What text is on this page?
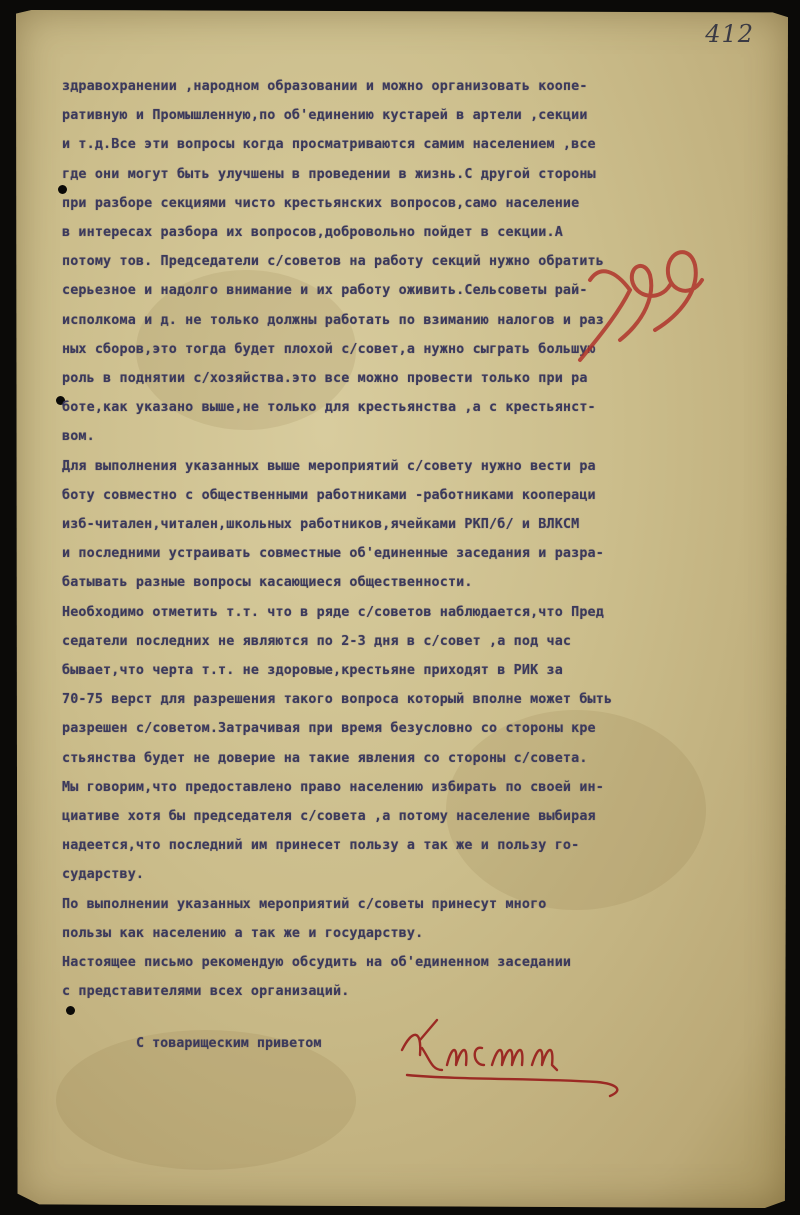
412
здравохранении ,народном образовании и можно организовать коопе-
ративную и Промышленную,по об'единению кустарей в артели ,секции
и т.д.Все эти вопросы когда просматриваются самим населением ,все
где они могут быть улучшены в проведении в жизнь.С другой стороны
при разборе секциями чисто крестьянских вопросов,само население
в интересах разбора их вопросов,добровольно пойдет в секции.А
потому тов. Председатели с/советов на работу секций нужно обратить
серьезное и надолго внимание и их работу оживить.Сельсоветы рай-
исполкома и д. не только должны работать по взиманию налогов и раз
ных сборов,это тогда будет плохой с/совет,а нужно сыграть большую
роль в поднятии с/хозяйства.это все можно провести только при ра
боте,как указано выше,не только для крестьянства ,а с крестьянст-
вом.
Для выполнения указанных выше мероприятий с/совету нужно вести ра
боту совместно с общественными работниками -работниками коопераци
изб-читален,читален,школьных работников,ячейками РКП/б/ и ВЛКСМ
и последними устраивать совместные об'единенные заседания и разра-
батывать разные вопросы касающиеся общественности.
Необходимо отметить т.т. что в ряде с/советов наблюдается,что Пред
седатели последних не являются по 2-3 дня в с/совет ,а под час
бывает,что черта т.т. не здоровые,крестьяне приходят в РИК за
70-75 верст для разрешения такого вопроса который вполне может быть
разрешен с/советом.Затрачивая при время безусловно со стороны кре
стьянства будет не доверие на такие явления со стороны с/совета.
Мы говорим,что предоставлено право населению избирать по своей ин-
циативе хотя бы председателя с/совета ,а потому население выбирая
надеется,что последний им принесет пользу а так же и пользу го-
сударству.
По выполнении указанных мероприятий с/советы принесут много
пользы как населению а так же и государству.
Настоящее письмо рекомендую обсудить на об'единенном заседании
с представителями всех организаций.
С товарищеским приветом
